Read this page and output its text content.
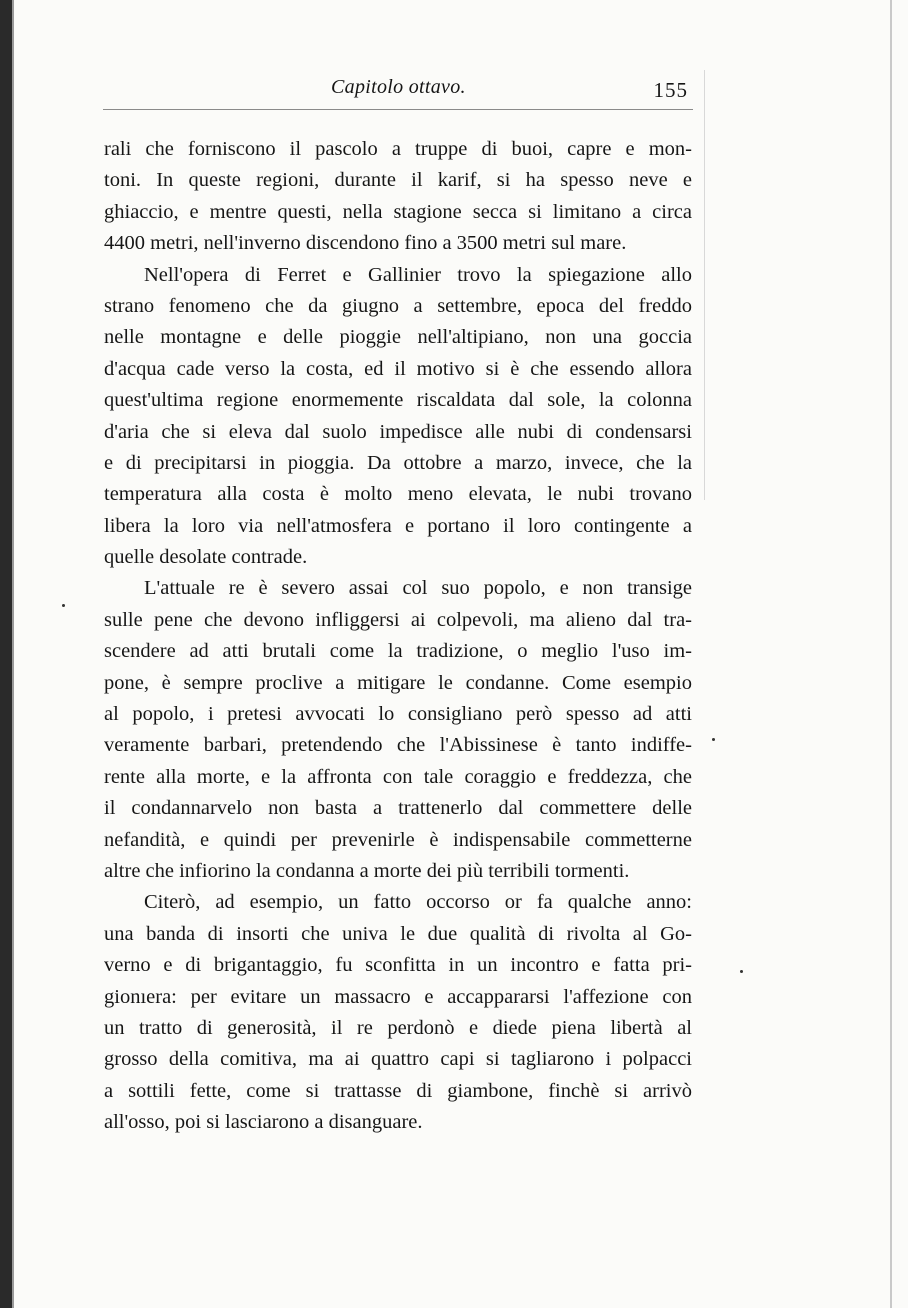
Capitolo ottavo.	155
rali che forniscono il pascolo a truppe di buoi, capre e mon-
toni. In queste regioni, durante il karif, si ha spesso neve e
ghiaccio, e mentre questi, nella stagione secca si limitano a circa
4400 metri, nell'inverno discendono fino a 3500 metri sul mare.
Nell'opera di Ferret e Gallinier trovo la spiegazione allo
strano fenomeno che da giugno a settembre, epoca del freddo
nelle montagne e delle pioggie nell'altipiano, non una goccia
d'acqua cade verso la costa, ed il motivo si è che essendo allora
quest'ultima regione enormemente riscaldata dal sole, la colonna
d'aria che si eleva dal suolo impedisce alle nubi di condensarsi
e di precipitarsi in pioggia. Da ottobre a marzo, invece, che la
temperatura alla costa è molto meno elevata, le nubi trovano
libera la loro via nell'atmosfera e portano il loro contingente a
quelle desolate contrade.
L'attuale re è severo assai col suo popolo, e non transige
sulle pene che devono infliggersi ai colpevoli, ma alieno dal tra-
scendere ad atti brutali come la tradizione, o meglio l'uso im-
pone, è sempre proclive a mitigare le condanne. Come esempio
al popolo, i pretesi avvocati lo consigliano però spesso ad atti
veramente barbari, pretendendo che l'Abissinese è tanto indiffe-
rente alla morte, e la affronta con tale coraggio e freddezza, che
il condannarvelo non basta a trattenerlo dal commettere delle
nefandità, e quindi per prevenirle è indispensabile commetterne
altre che infiorino la condanna a morte dei più terribili tormenti.
Citerò, ad esempio, un fatto occorso or fa qualche anno:
una banda di insorti che univa le due qualità di rivolta al Go-
verno e di brigantaggio, fu sconfitta in un incontro e fatta pri-
gionıera: per evitare un massacro e accappararsi l'affezione con
un tratto di generosità, il re perdonò e diede piena libertà al
grosso della comitiva, ma ai quattro capi si tagliarono i polpacci
a sottili fette, come si trattasse di giambone, finchè si arrivò
all'osso, poi si lasciarono a disanguare.
